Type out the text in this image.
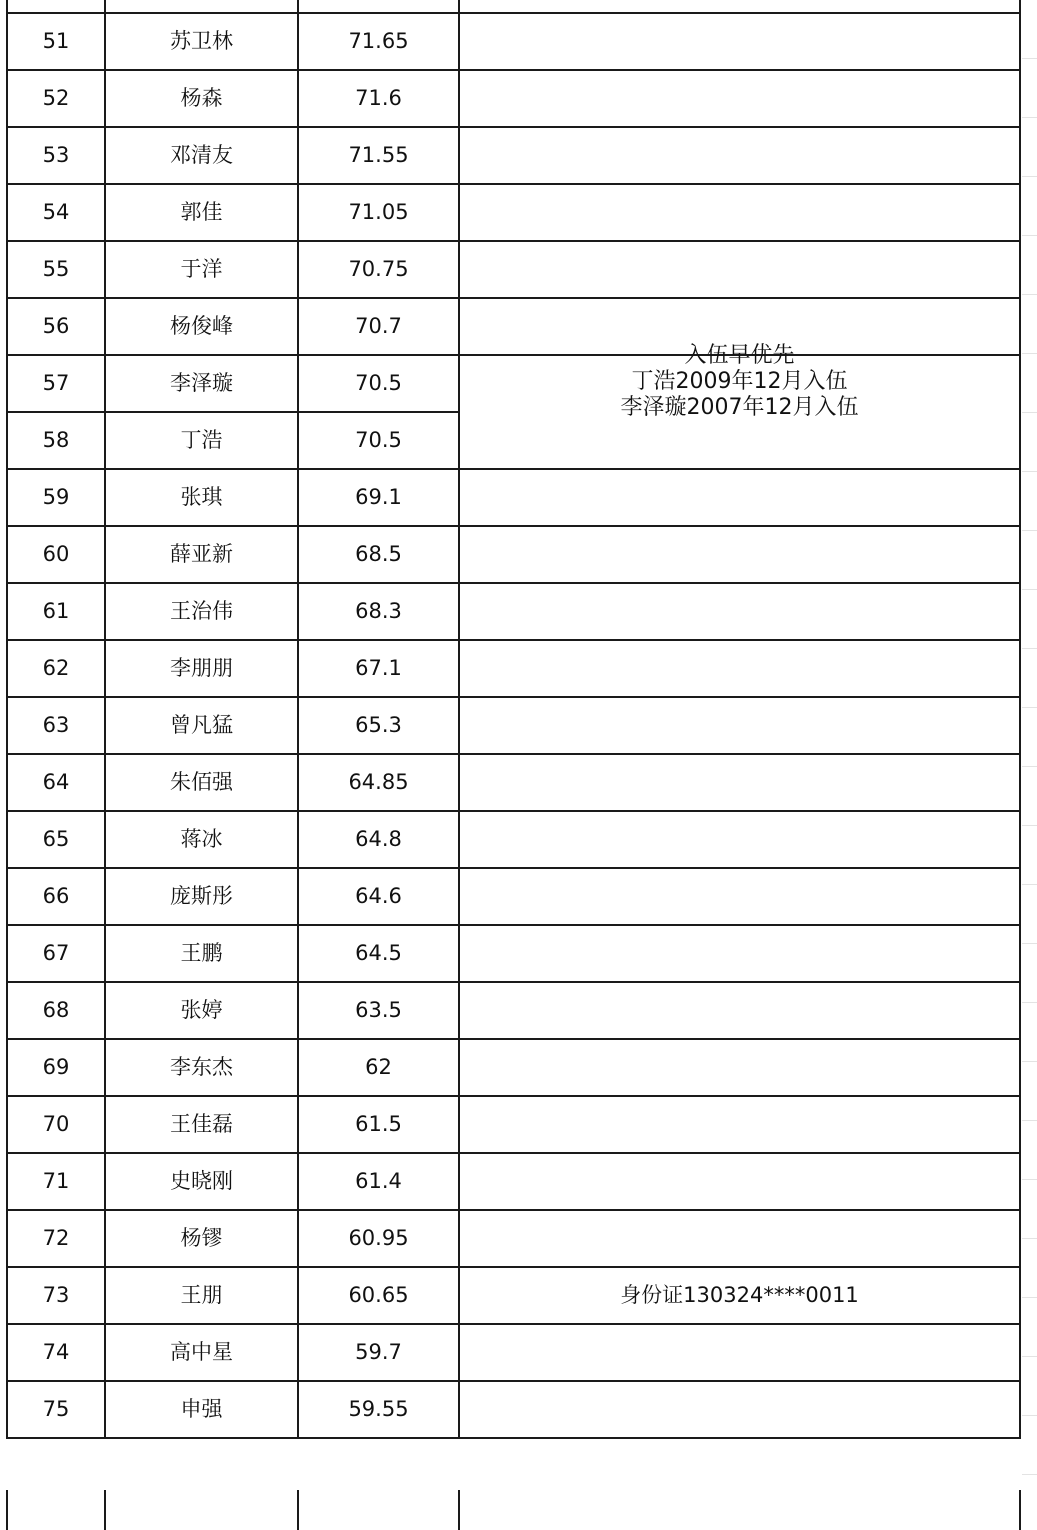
51	苏卫林	71.65	
52	杨森	71.6	
53	邓清友	71.55	
54	郭佳	71.05	
55	于洋	70.75	
56	杨俊峰	70.7	
57	李泽璇	70.5	入伍早优先
丁浩2009年12月入伍
李泽璇2007年12月入伍

58	丁浩	70.5	
59	张琪	69.1	
60	薛亚新	68.5	
61	王治伟	68.3	
62	李朋朋	67.1	
63	曾凡猛	65.3	
64	朱佰强	64.85	
65	蒋冰	64.8	
66	庞斯彤	64.6	
67	王鹏	64.5	
68	张婷	63.5	
69	李东杰	62	
70	王佳磊	61.5	
71	史晓刚	61.4	
72	杨镠	60.95	
73	王朋	60.65	身份证130324****0011
74	高中星	59.7	
75	申强	59.55	
